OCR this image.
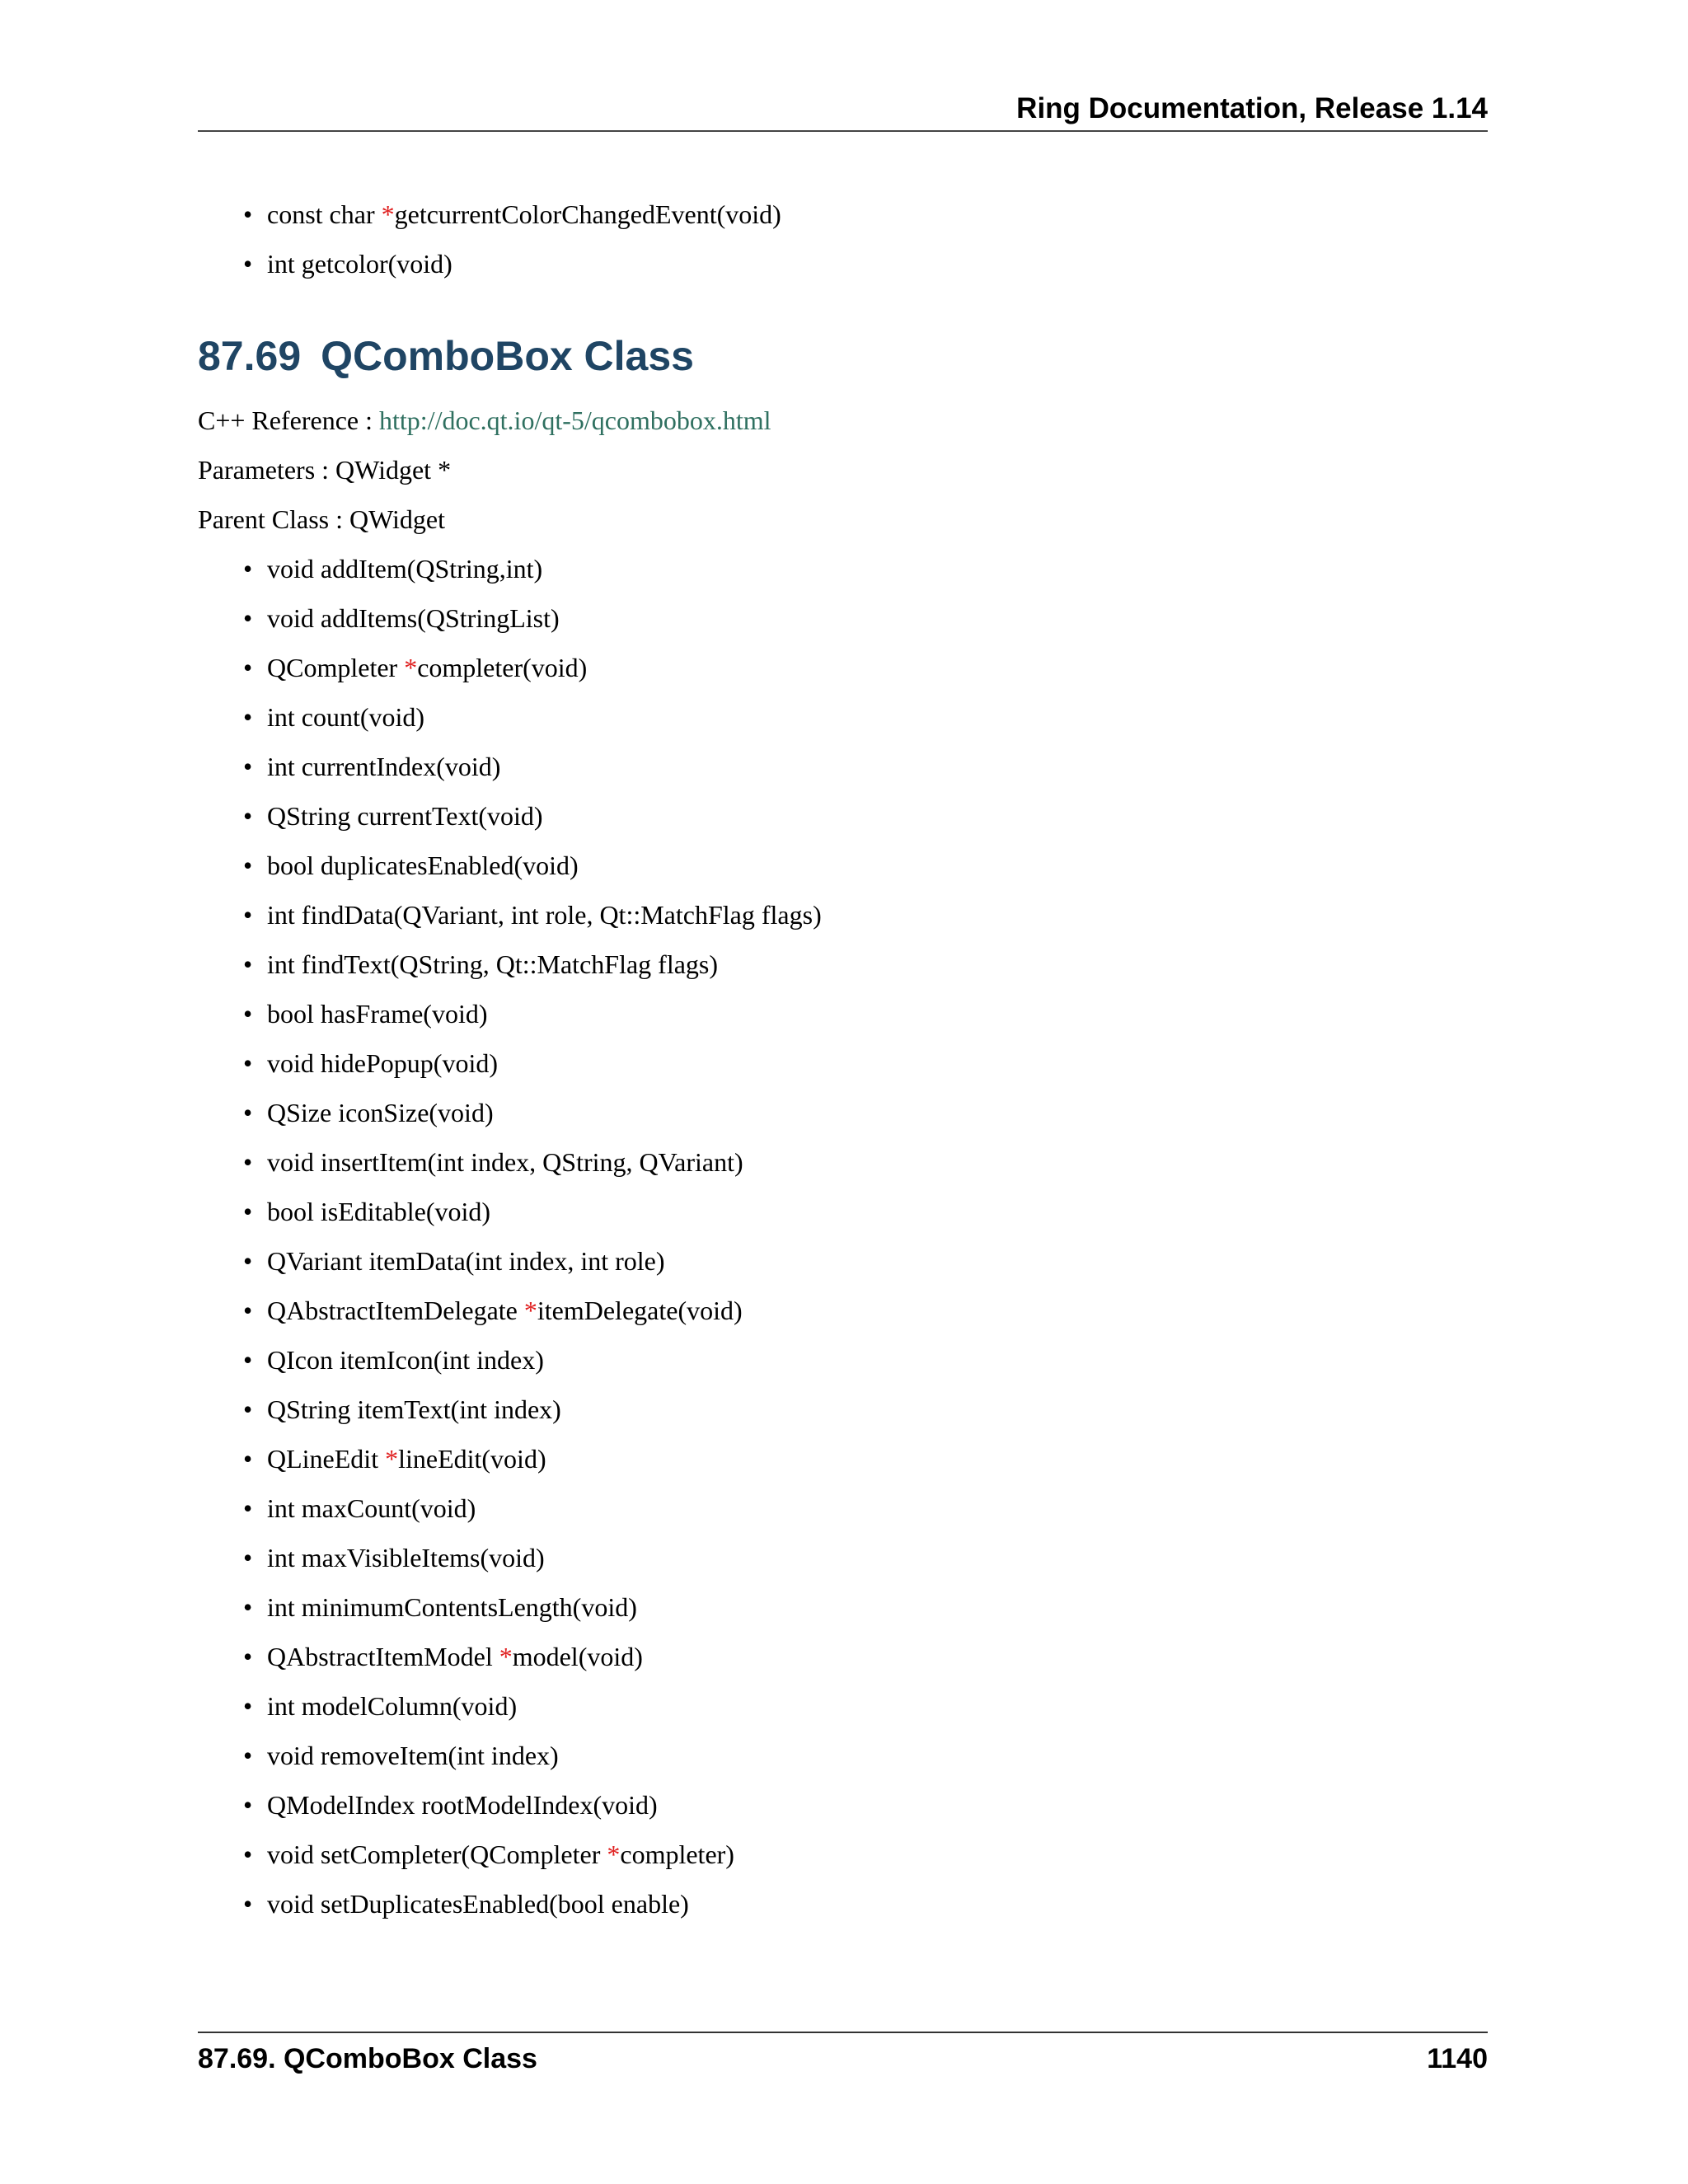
Ring Documentation, Release 1.14
• const char *getcurrentColorChangedEvent(void)
• int getcolor(void)
87.69 QComboBox Class
C++ Reference : http://doc.qt.io/qt-5/qcombobox.html
Parameters : QWidget *
Parent Class : QWidget
• void addItem(QString,int)
• void addItems(QStringList)
• QCompleter *completer(void)
• int count(void)
• int currentIndex(void)
• QString currentText(void)
• bool duplicatesEnabled(void)
• int findData(QVariant, int role, Qt::MatchFlag flags)
• int findText(QString, Qt::MatchFlag flags)
• bool hasFrame(void)
• void hidePopup(void)
• QSize iconSize(void)
• void insertItem(int index, QString, QVariant)
• bool isEditable(void)
• QVariant itemData(int index, int role)
• QAbstractItemDelegate *itemDelegate(void)
• QIcon itemIcon(int index)
• QString itemText(int index)
• QLineEdit *lineEdit(void)
• int maxCount(void)
• int maxVisibleItems(void)
• int minimumContentsLength(void)
• QAbstractItemModel *model(void)
• int modelColumn(void)
• void removeItem(int index)
• QModelIndex rootModelIndex(void)
• void setCompleter(QCompleter *completer)
• void setDuplicatesEnabled(bool enable)
87.69. QComboBox Class	1140
